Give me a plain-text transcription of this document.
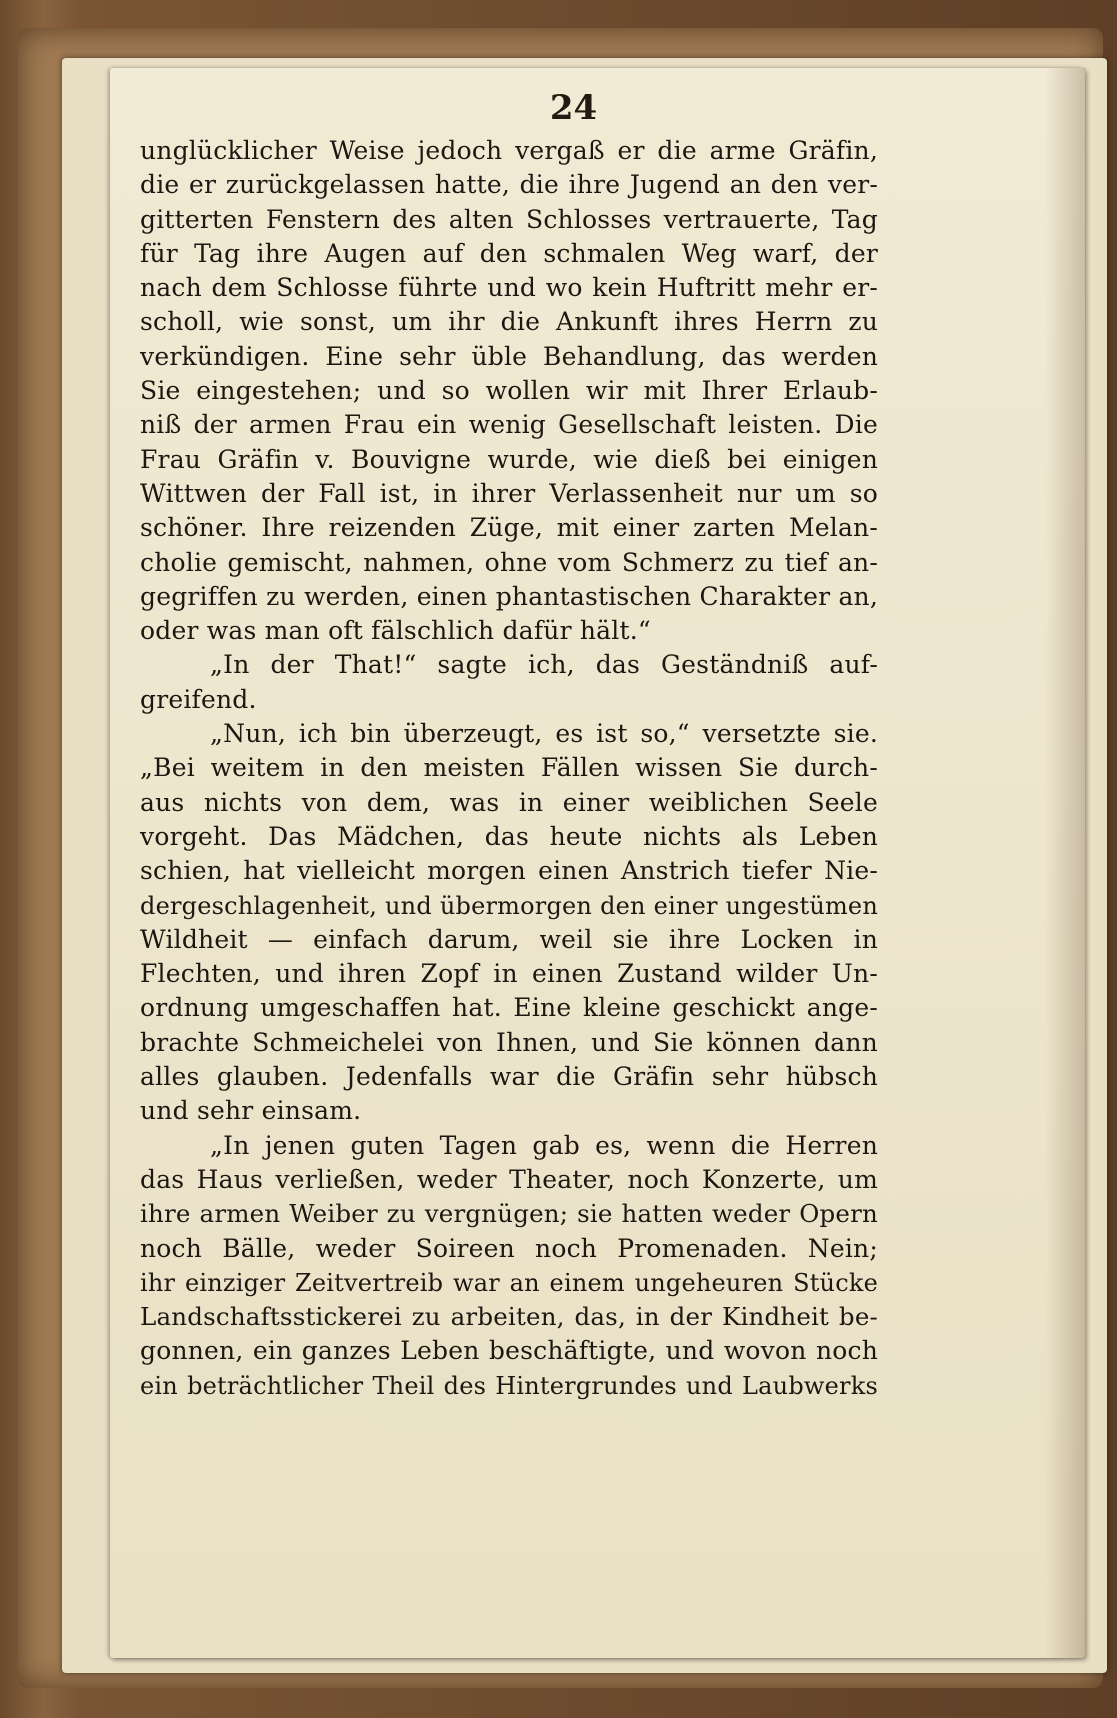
24
unglücklicher Weise jedoch vergaß er die arme Gräfin,
die er zurückgelassen hatte, die ihre Jugend an den ver-
gitterten Fenstern des alten Schlosses vertrauerte, Tag
für Tag ihre Augen auf den schmalen Weg warf, der
nach dem Schlosse führte und wo kein Huftritt mehr er-
scholl, wie sonst, um ihr die Ankunft ihres Herrn zu
verkündigen. Eine sehr üble Behandlung, das werden
Sie eingestehen; und so wollen wir mit Ihrer Erlaub-
niß der armen Frau ein wenig Gesellschaft leisten. Die
Frau Gräfin v. Bouvigne wurde, wie dieß bei einigen
Wittwen der Fall ist, in ihrer Verlassenheit nur um so
schöner. Ihre reizenden Züge, mit einer zarten Melan-
cholie gemischt, nahmen, ohne vom Schmerz zu tief an-
gegriffen zu werden, einen phantastischen Charakter an,
oder was man oft fälschlich dafür hält.“
„In der That!“ sagte ich, das Geständniß auf-
greifend.
„Nun, ich bin überzeugt, es ist so,“ versetzte sie.
„Bei weitem in den meisten Fällen wissen Sie durch-
aus nichts von dem, was in einer weiblichen Seele
vorgeht. Das Mädchen, das heute nichts als Leben
schien, hat vielleicht morgen einen Anstrich tiefer Nie-
dergeschlagenheit, und übermorgen den einer ungestümen
Wildheit — einfach darum, weil sie ihre Locken in
Flechten, und ihren Zopf in einen Zustand wilder Un-
ordnung umgeschaffen hat. Eine kleine geschickt ange-
brachte Schmeichelei von Ihnen, und Sie können dann
alles glauben. Jedenfalls war die Gräfin sehr hübsch
und sehr einsam.
„In jenen guten Tagen gab es, wenn die Herren
das Haus verließen, weder Theater, noch Konzerte, um
ihre armen Weiber zu vergnügen; sie hatten weder Opern
noch Bälle, weder Soireen noch Promenaden. Nein;
ihr einziger Zeitvertreib war an einem ungeheuren Stücke
Landschaftsstickerei zu arbeiten, das, in der Kindheit be-
gonnen, ein ganzes Leben beschäftigte, und wovon noch
ein beträchtlicher Theil des Hintergrundes und Laubwerks
